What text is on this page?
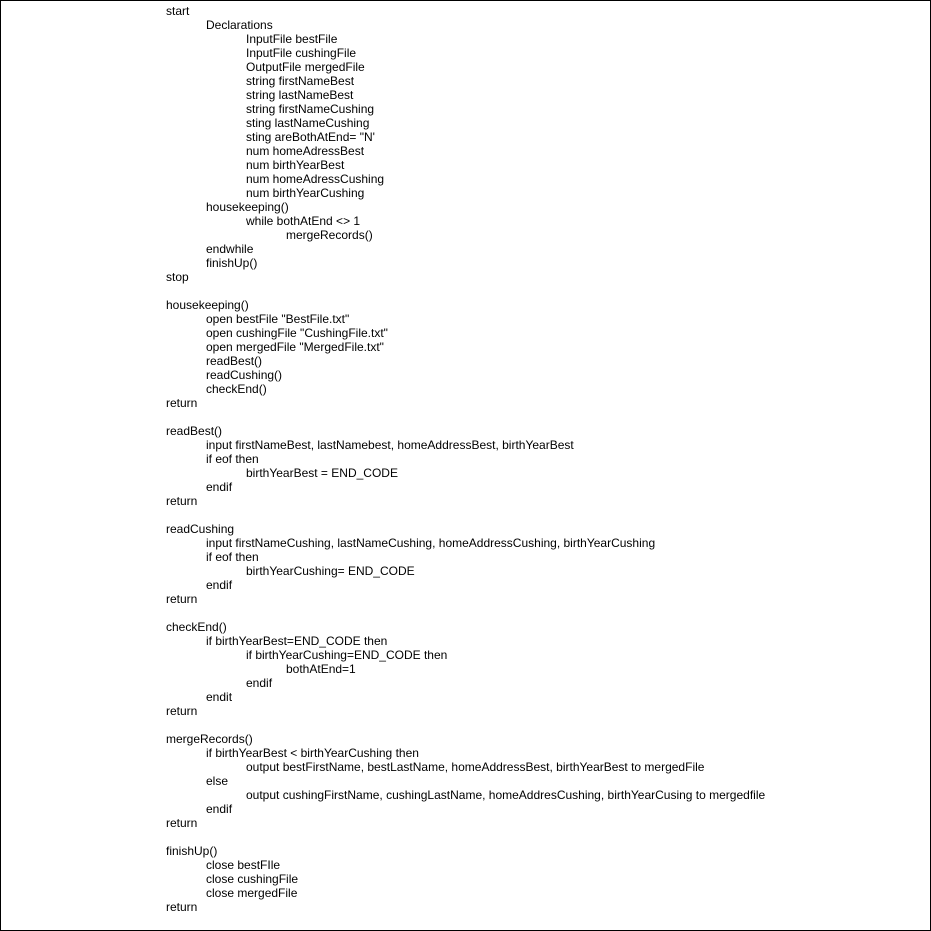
start
Declarations
InputFile bestFile
InputFile cushingFile
OutputFile mergedFile
string firstNameBest
string lastNameBest
string firstNameCushing
sting lastNameCushing
sting areBothAtEnd= "N'
num homeAdressBest
num birthYearBest
num homeAdressCushing
num birthYearCushing
housekeeping()
while bothAtEnd <> 1
mergeRecords()
endwhile
finishUp()
stop
housekeeping()
open bestFile "BestFile.txt"
open cushingFile "CushingFile.txt"
open mergedFile "MergedFile.txt"
readBest()
readCushing()
checkEnd()
return
readBest()
input firstNameBest, lastNamebest, homeAddressBest, birthYearBest
if eof then
birthYearBest = END_CODE
endif
return
readCushing
input firstNameCushing, lastNameCushing, homeAddressCushing, birthYearCushing
if eof then
birthYearCushing= END_CODE
endif
return
checkEnd()
if birthYearBest=END_CODE then
if birthYearCushing=END_CODE then
bothAtEnd=1
endif
endit
return
mergeRecords()
if birthYearBest < birthYearCushing then
output bestFirstName, bestLastName, homeAddressBest, birthYearBest to mergedFile
else
output cushingFirstName, cushingLastName, homeAddresCushing, birthYearCusing to mergedfile
endif
return
finishUp()
close bestFIle
close cushingFile
close mergedFile
return
